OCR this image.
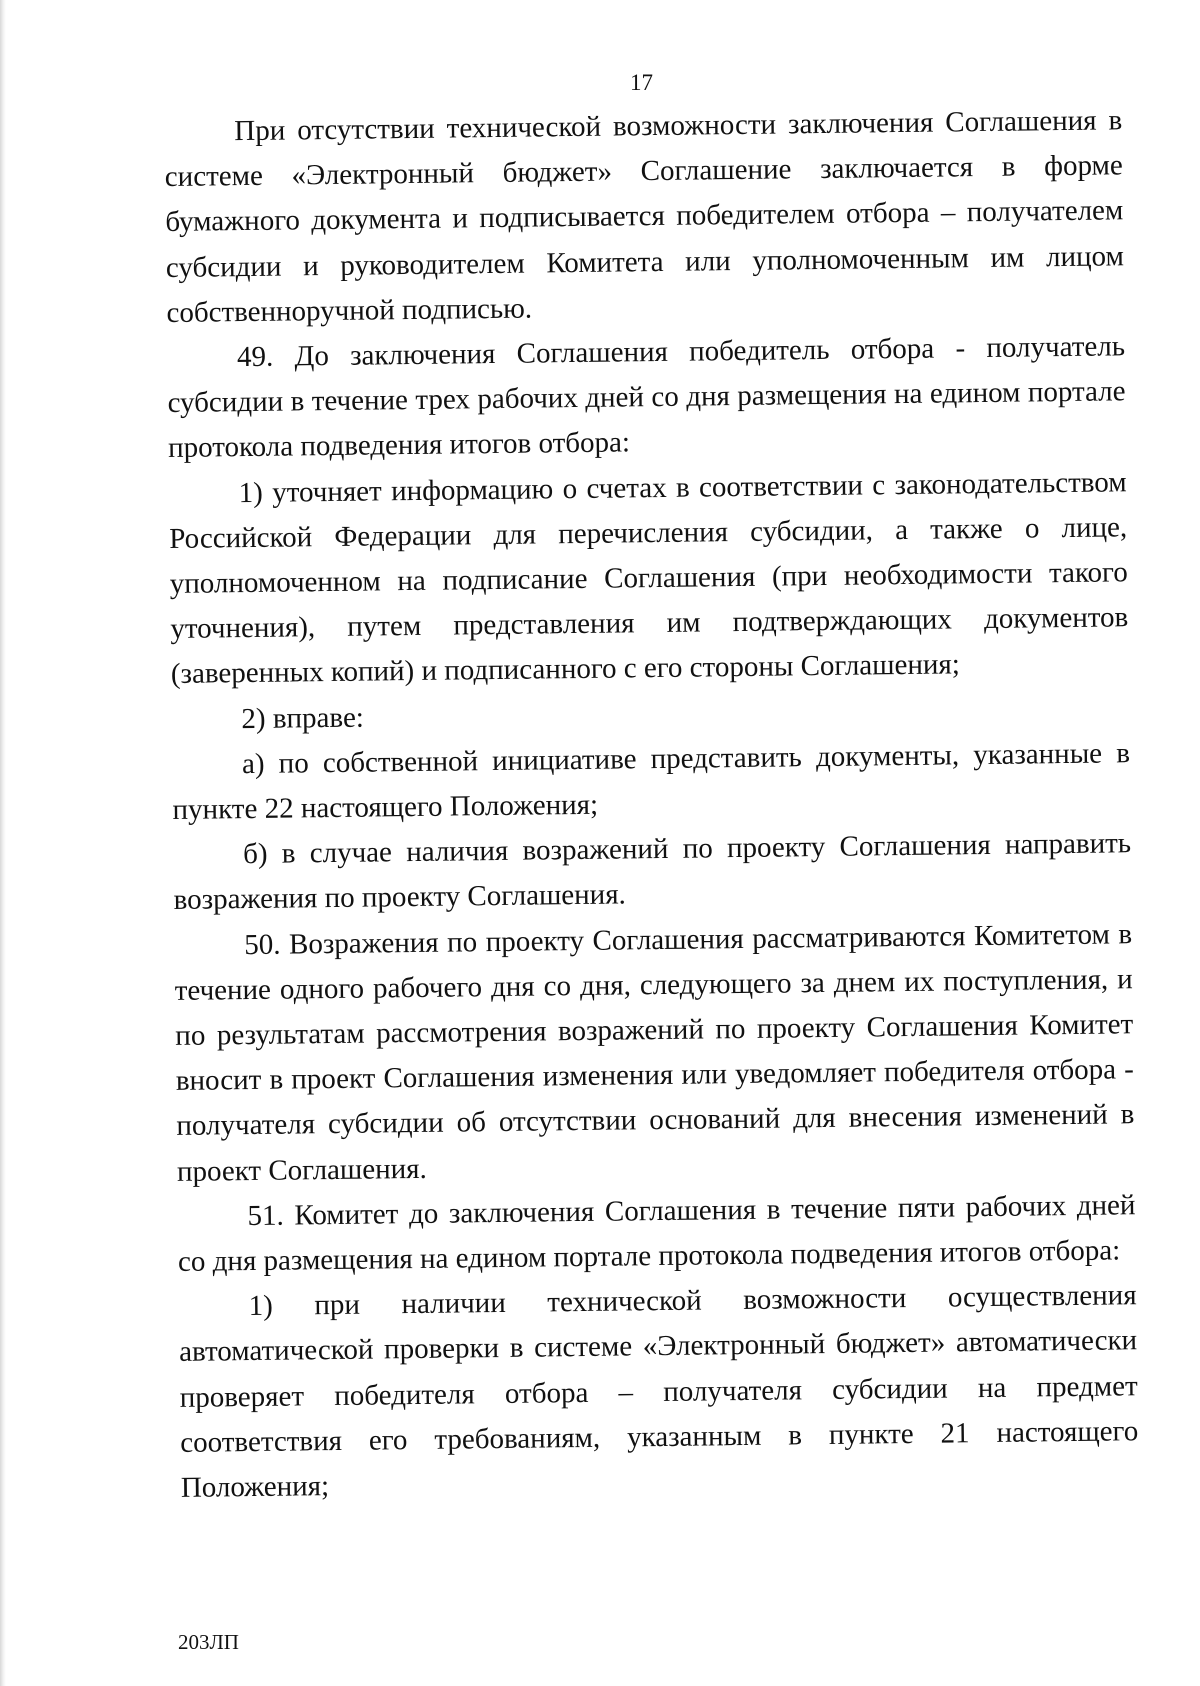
17

При отсутствии технической возможности заключения Соглашения в системе «Электронный бюджет» Соглашение заключается в форме бумажного документа и подписывается победителем отбора – получателем субсидии и руководителем Комитета или уполномоченным им лицом собственноручной подписью.

49. До заключения Соглашения победитель отбора - получатель субсидии в течение трех рабочих дней со дня размещения на едином портале протокола подведения итогов отбора:

1) уточняет информацию о счетах в соответствии с законодательством Российской Федерации для перечисления субсидии, а также о лице, уполномоченном на подписание Соглашения (при необходимости такого уточнения), путем представления им подтверждающих документов (заверенных копий) и подписанного с его стороны Соглашения;

2) вправе:

а) по собственной инициативе представить документы, указанные в пункте 22 настоящего Положения;

б) в случае наличия возражений по проекту Соглашения направить возражения по проекту Соглашения.

50. Возражения по проекту Соглашения рассматриваются Комитетом в течение одного рабочего дня со дня, следующего за днем их поступления, и по результатам рассмотрения возражений по проекту Соглашения Комитет вносит в проект Соглашения изменения или уведомляет победителя отбора - получателя субсидии об отсутствии оснований для внесения изменений в проект Соглашения.

51. Комитет до заключения Соглашения в течение пяти рабочих дней со дня размещения на едином портале протокола подведения итогов отбора:

1) при наличии технической возможности осуществления автоматической проверки в системе «Электронный бюджет» автоматически проверяет победителя отбора – получателя субсидии на предмет соответствия его требованиям, указанным в пункте 21 настоящего Положения;

203ЛП
